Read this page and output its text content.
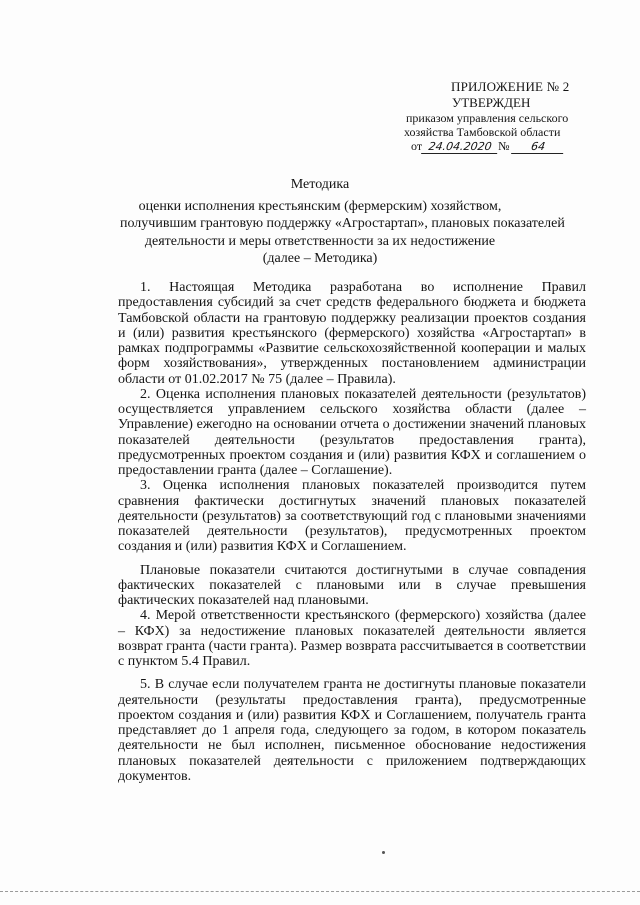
ПРИЛОЖЕНИЕ № 2
УТВЕРЖДЕН
приказом управления сельского
хозяйства Тамбовской области
от 24.04.2020 № 64
Методика
оценки исполнения крестьянским (фермерским) хозяйством,
получившим грантовую поддержку «Агростартап», плановых показателей
деятельности и меры ответственности за их недостижение
(далее – Методика)

1. Настоящая Методика разработана во исполнение Правил предоставления субсидий за счет средств федерального бюджета и бюджета Тамбовской области на грантовую поддержку реализации проектов создания и (или) развития крестьянского (фермерского) хозяйства «Агростартап» в рамках подпрограммы «Развитие сельскохозяйственной кооперации и малых форм хозяйствования», утвержденных постановлением администрации области от 01.02.2017 № 75 (далее – Правила).

2. Оценка исполнения плановых показателей деятельности (результатов) осуществляется управлением сельского хозяйства области (далее – Управление) ежегодно на основании отчета о достижении значений плановых показателей деятельности (результатов предоставления гранта), предусмотренных проектом создания и (или) развития КФХ и соглашением о предоставлении гранта (далее – Соглашение).

3. Оценка исполнения плановых показателей производится путем сравнения фактически достигнутых значений плановых показателей деятельности (результатов) за соответствующий год с плановыми значениями показателей деятельности (результатов), предусмотренных проектом создания и (или) развития КФХ и Соглашением.

Плановые показатели считаются достигнутыми в случае совпадения фактических показателей с плановыми или в случае превышения фактических показателей над плановыми.

4. Мерой ответственности крестьянского (фермерского) хозяйства (далее – КФХ) за недостижение плановых показателей деятельности является возврат гранта (части гранта). Размер возврата рассчитывается в соответствии с пунктом 5.4 Правил.

5. В случае если получателем гранта не достигнуты плановые показатели деятельности (результаты предоставления гранта), предусмотренные проектом создания и (или) развития КФХ и Соглашением, получатель гранта представляет до 1 апреля года, следующего за годом, в котором показатель деятельности не был исполнен, письменное обоснование недостижения плановых показателей деятельности с приложением подтверждающих документов.
